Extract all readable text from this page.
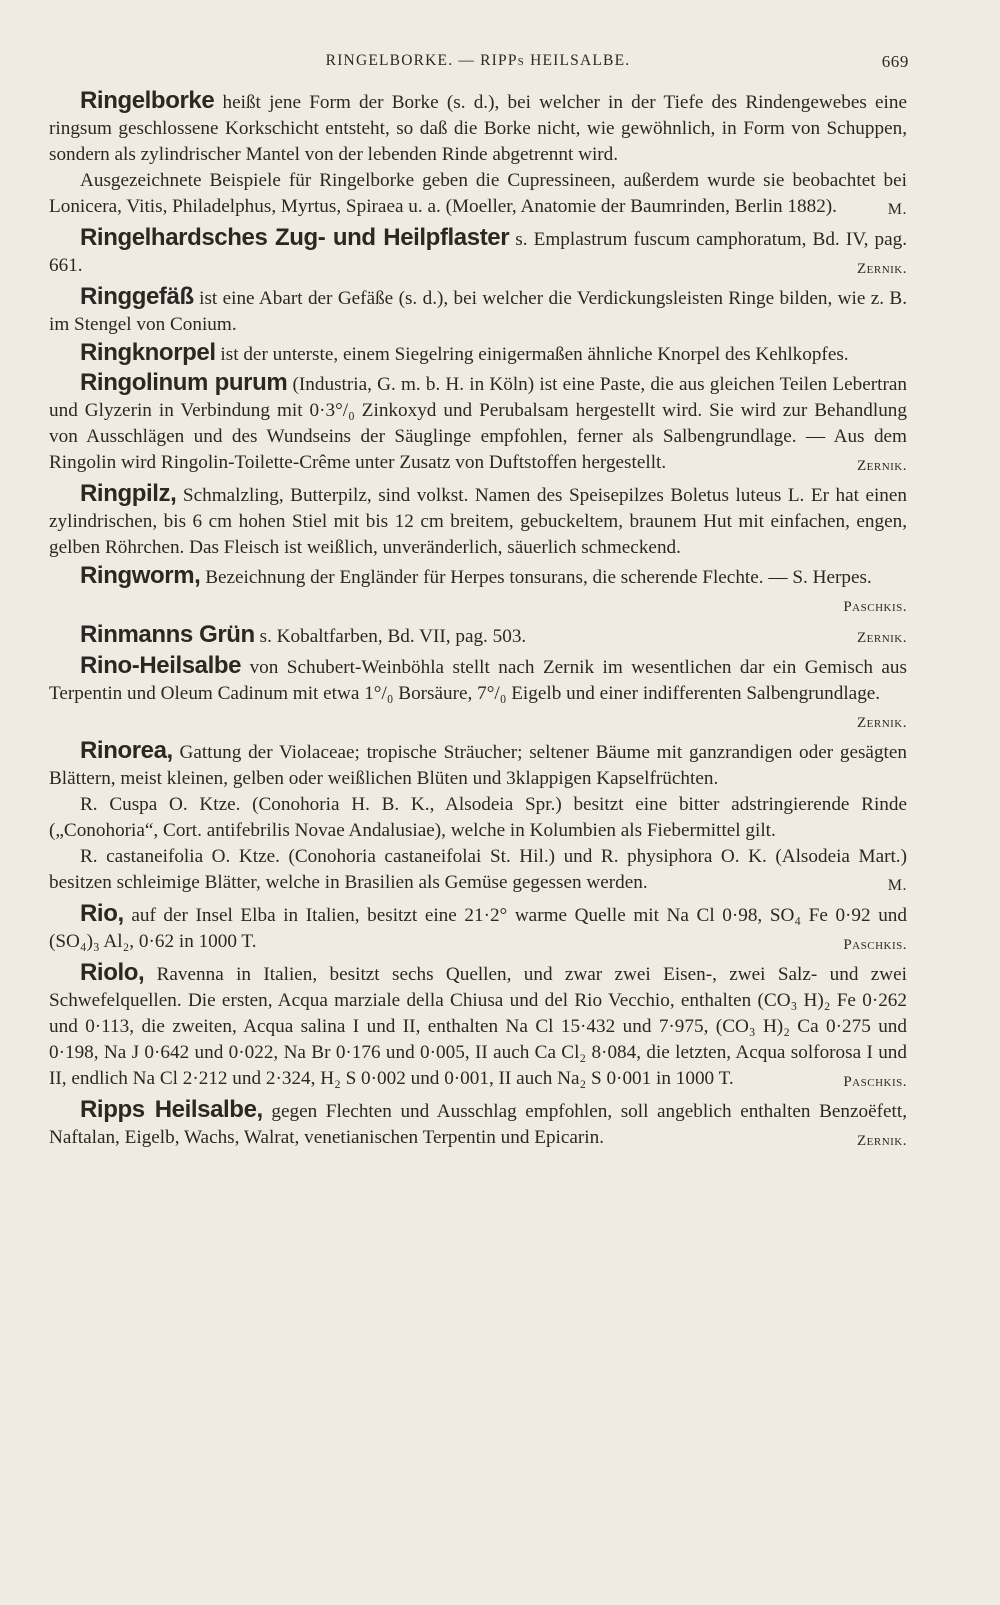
RINGELBORKE. — RIPPs HEILSALBE.	669

Ringelborke heißt jene Form der Borke (s. d.), bei welcher in der Tiefe des Rindengewebes eine ringsum geschlossene Korkschicht entsteht, so daß die Borke nicht, wie gewöhnlich, in Form von Schuppen, sondern als zylindrischer Mantel von der lebenden Rinde abgetrennt wird.

Ausgezeichnete Beispiele für Ringelborke geben die Cupressineen, außerdem wurde sie beobachtet bei Lonicera, Vitis, Philadelphus, Myrtus, Spiraea u. a. (Moeller, Anatomie der Baumrinden, Berlin 1882).	M.

Ringelhardsches Zug- und Heilpflaster s. Emplastrum fuscum camphoratum, Bd. IV, pag. 661.	Zernik.

Ringgefäß ist eine Abart der Gefäße (s. d.), bei welcher die Verdickungsleisten Ringe bilden, wie z. B. im Stengel von Conium.

Ringknorpel ist der unterste, einem Siegelring einigermaßen ähnliche Knorpel des Kehlkopfes.

Ringolinum purum (Industria, G. m. b. H. in Köln) ist eine Paste, die aus gleichen Teilen Lebertran und Glyzerin in Verbindung mit 0·3°/₀ Zinkoxyd und Perubalsam hergestellt wird. Sie wird zur Behandlung von Ausschlägen und des Wundseins der Säuglinge empfohlen, ferner als Salbengrundlage. — Aus dem Ringolin wird Ringolin-Toilette-Crême unter Zusatz von Duftstoffen hergestellt.	Zernik.

Ringpilz, Schmalzling, Butterpilz, sind volkst. Namen des Speisepilzes Boletus luteus L. Er hat einen zylindrischen, bis 6 cm hohen Stiel mit bis 12 cm breitem, gebuckeltem, braunem Hut mit einfachen, engen, gelben Röhrchen. Das Fleisch ist weißlich, unveränderlich, säuerlich schmeckend.

Ringworm, Bezeichnung der Engländer für Herpes tonsurans, die scherende Flechte. — S. Herpes.
Paschkis.

Rinmanns Grün s. Kobaltfarben, Bd. VII, pag. 503.	Zernik.

Rino-Heilsalbe von Schubert-Weinböhla stellt nach Zernik im wesentlichen dar ein Gemisch aus Terpentin und Oleum Cadinum mit etwa 1°/₀ Borsäure, 7°/₀ Eigelb und einer indifferenten Salbengrundlage.
Zernik.

Rinorea, Gattung der Violaceae; tropische Sträucher; seltener Bäume mit ganzrandigen oder gesägten Blättern, meist kleinen, gelben oder weißlichen Blüten und 3klappigen Kapselfrüchten.

R. Cuspa O. Ktze. (Conohoria H. B. K., Alsodeia Spr.) besitzt eine bitter adstringierende Rinde („Conohoria“, Cort. antifebrilis Novae Andalusiae), welche in Kolumbien als Fiebermittel gilt.

R. castaneifolia O. Ktze. (Conohoria castaneifolai St. Hil.) und R. physiphora O. K. (Alsodeia Mart.) besitzen schleimige Blätter, welche in Brasilien als Gemüse gegessen werden.	M.

Rio, auf der Insel Elba in Italien, besitzt eine 21·2° warme Quelle mit Na Cl 0·98, SO₄ Fe 0·92 und (SO₄)₃ Al₂, 0·62 in 1000 T.	Paschkis.

Riolo, Ravenna in Italien, besitzt sechs Quellen, und zwar zwei Eisen-, zwei Salz- und zwei Schwefelquellen. Die ersten, Acqua marziale della Chiusa und del Rio Vecchio, enthalten (CO₃ H)₂ Fe 0·262 und 0·113, die zweiten, Acqua salina I und II, enthalten Na Cl 15·432 und 7·975, (CO₃ H)₂ Ca 0·275 und 0·198, Na J 0·642 und 0·022, Na Br 0·176 und 0·005, II auch Ca Cl₂ 8·084, die letzten, Acqua solforosa I und II, endlich Na Cl 2·212 und 2·324, H₂ S 0·002 und 0·001, II auch Na₂ S 0·001 in 1000 T.	Paschkis.

Ripps Heilsalbe, gegen Flechten und Ausschlag empfohlen, soll angeblich enthalten Benzoëfett, Naftalan, Eigelb, Wachs, Walrat, venetianischen Terpentin und Epicarin.	Zernik.
